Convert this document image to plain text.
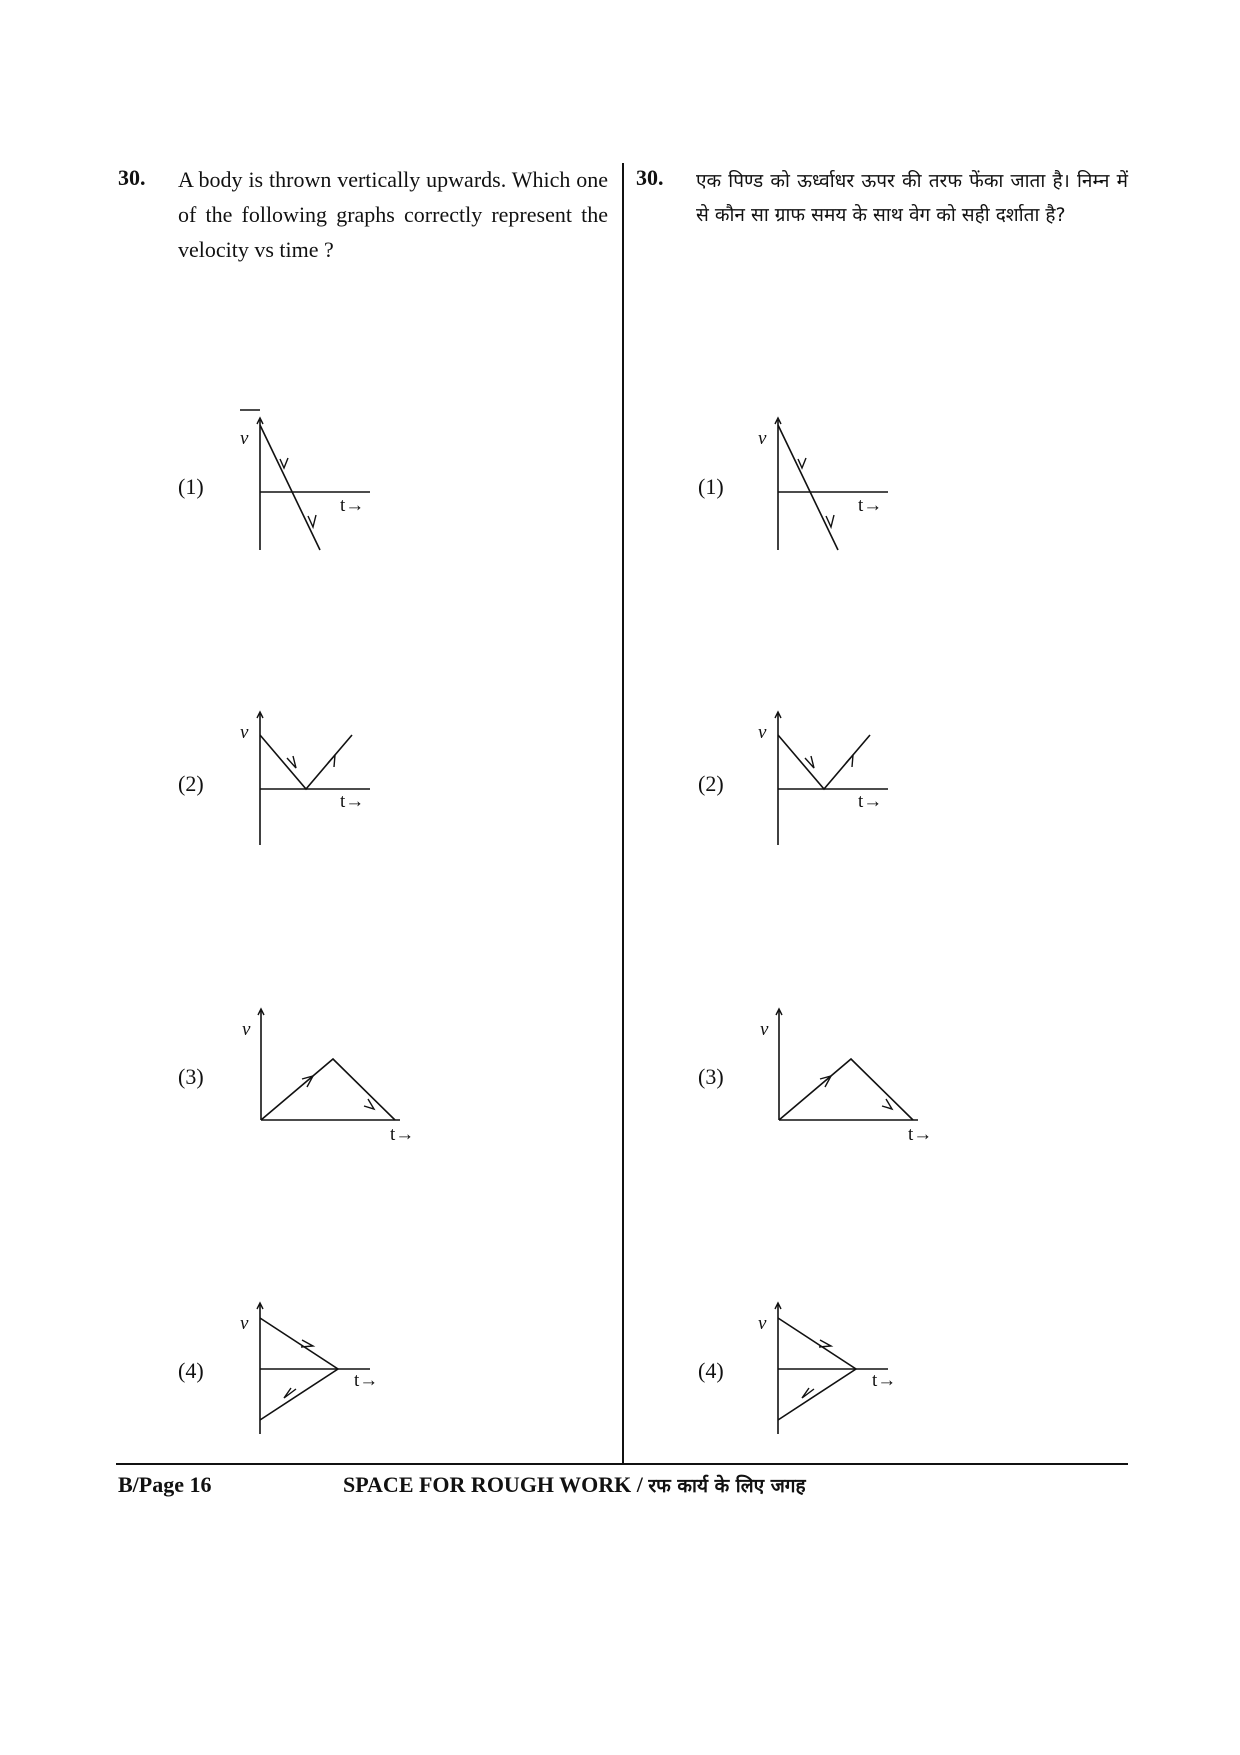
30. A body is thrown vertically upwards. Which one of the following graphs correctly represent the velocity vs time ?
(1)
v
t→
(2)
v
t→
(3)
v
t→
(4)
v
t→
30. एक पिण्ड को ऊर्ध्वाधर ऊपर की तरफ फेंका जाता है। निम्न में से कौन सा ग्राफ समय के साथ वेग को सही दर्शाता है?
(1)
v
t→
(2)
v
t→
(3)
v
t→
(4)
v
t→
B/Page 16	SPACE FOR ROUGH WORK / रफ कार्य के लिए जगह
